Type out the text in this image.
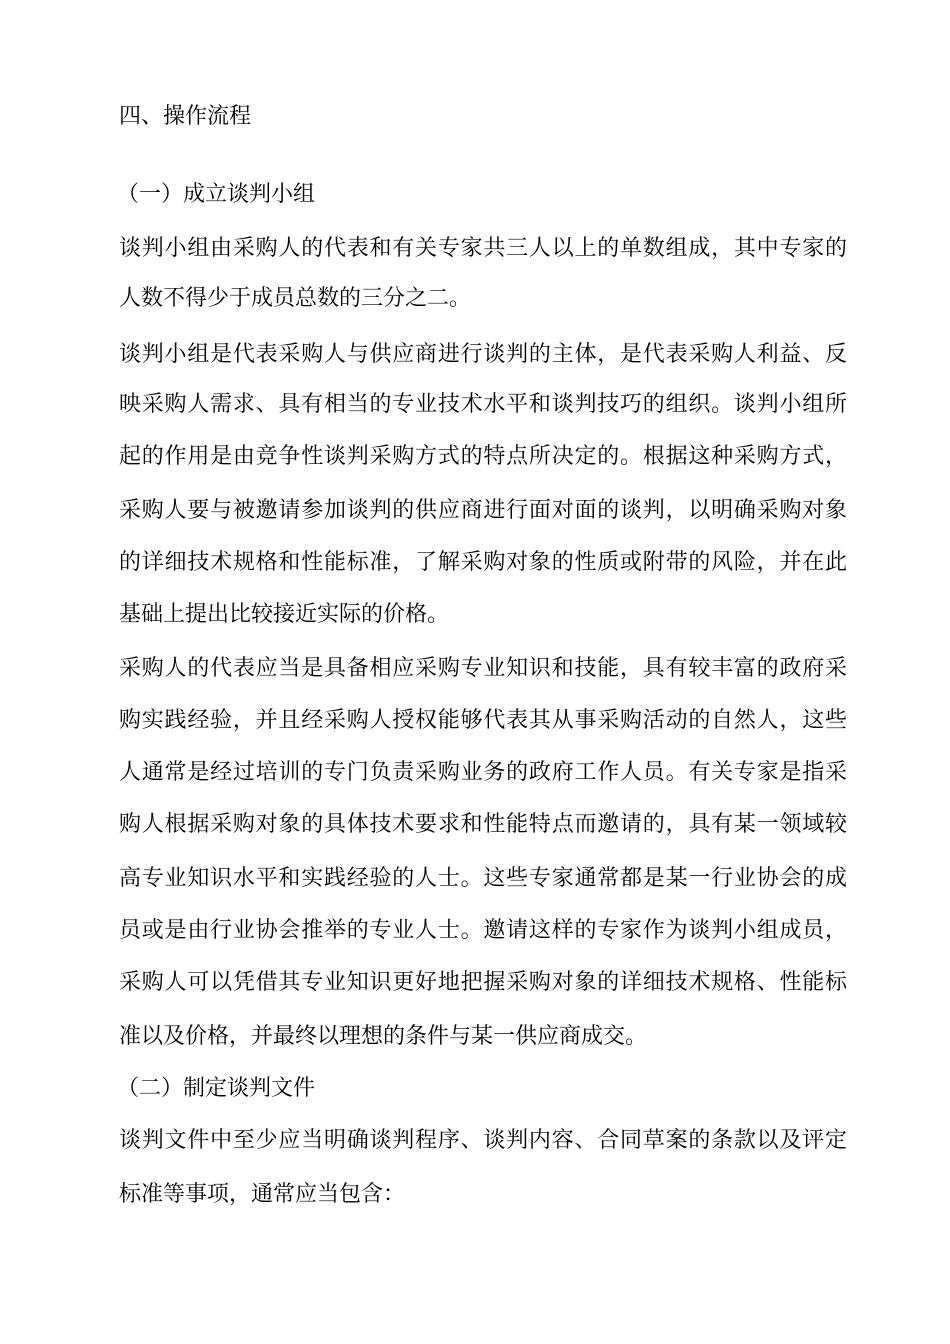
四、操作流程

（一）成立谈判小组

谈判小组由采购人的代表和有关专家共三人以上的单数组成，其中专家的

人数不得少于成员总数的三分之二。

谈判小组是代表采购人与供应商进行谈判的主体，是代表采购人利益、反

映采购人需求、具有相当的专业技术水平和谈判技巧的组织。谈判小组所

起的作用是由竞争性谈判采购方式的特点所决定的。根据这种采购方式，

采购人要与被邀请参加谈判的供应商进行面对面的谈判，以明确采购对象

的详细技术规格和性能标准，了解采购对象的性质或附带的风险，并在此

基础上提出比较接近实际的价格。

采购人的代表应当是具备相应采购专业知识和技能，具有较丰富的政府采

购实践经验，并且经采购人授权能够代表其从事采购活动的自然人，这些

人通常是经过培训的专门负责采购业务的政府工作人员。有关专家是指采

购人根据采购对象的具体技术要求和性能特点而邀请的，具有某一领域较

高专业知识水平和实践经验的人士。这些专家通常都是某一行业协会的成

员或是由行业协会推举的专业人士。邀请这样的专家作为谈判小组成员，

采购人可以凭借其专业知识更好地把握采购对象的详细技术规格、性能标

准以及价格，并最终以理想的条件与某一供应商成交。

（二）制定谈判文件

谈判文件中至少应当明确谈判程序、谈判内容、合同草案的条款以及评定

标准等事项，通常应当包含：
